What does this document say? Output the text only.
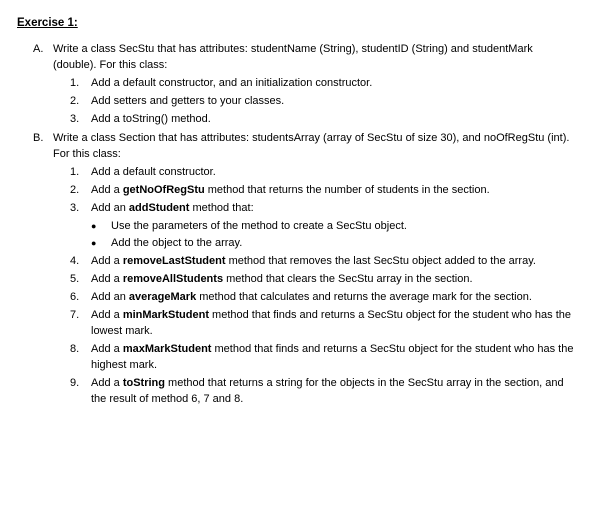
Exercise 1:
A. Write a class SecStu that has attributes: studentName (String), studentID (String) and studentMark (double). For this class:
1.	Add a default constructor, and an initialization constructor.
2.	Add setters and getters to your classes.
3.	Add a toString() method.
B. Write a class Section that has attributes: studentsArray (array of SecStu of size 30), and noOfRegStu (int). For this class:
1.	Add a default constructor.
2.	Add a getNoOfRegStu method that returns the number of students in the section.
3.	Add an addStudent method that:
●	Use the parameters of the method to create a SecStu object.
●	Add the object to the array.
4.	Add a removeLastStudent method that removes the last SecStu object added to the array.
5.	Add a removeAllStudents method that clears the SecStu array in the section.
6.	Add an averageMark method that calculates and returns the average mark for the section.
7.	Add a minMarkStudent method that finds and returns a SecStu object for the student who has the lowest mark.
8.	Add a maxMarkStudent method that finds and returns a SecStu object for the student who has the highest mark.
9.	Add a toString method that returns a string for the objects in the SecStu array in the section, and the result of method 6, 7 and 8.
